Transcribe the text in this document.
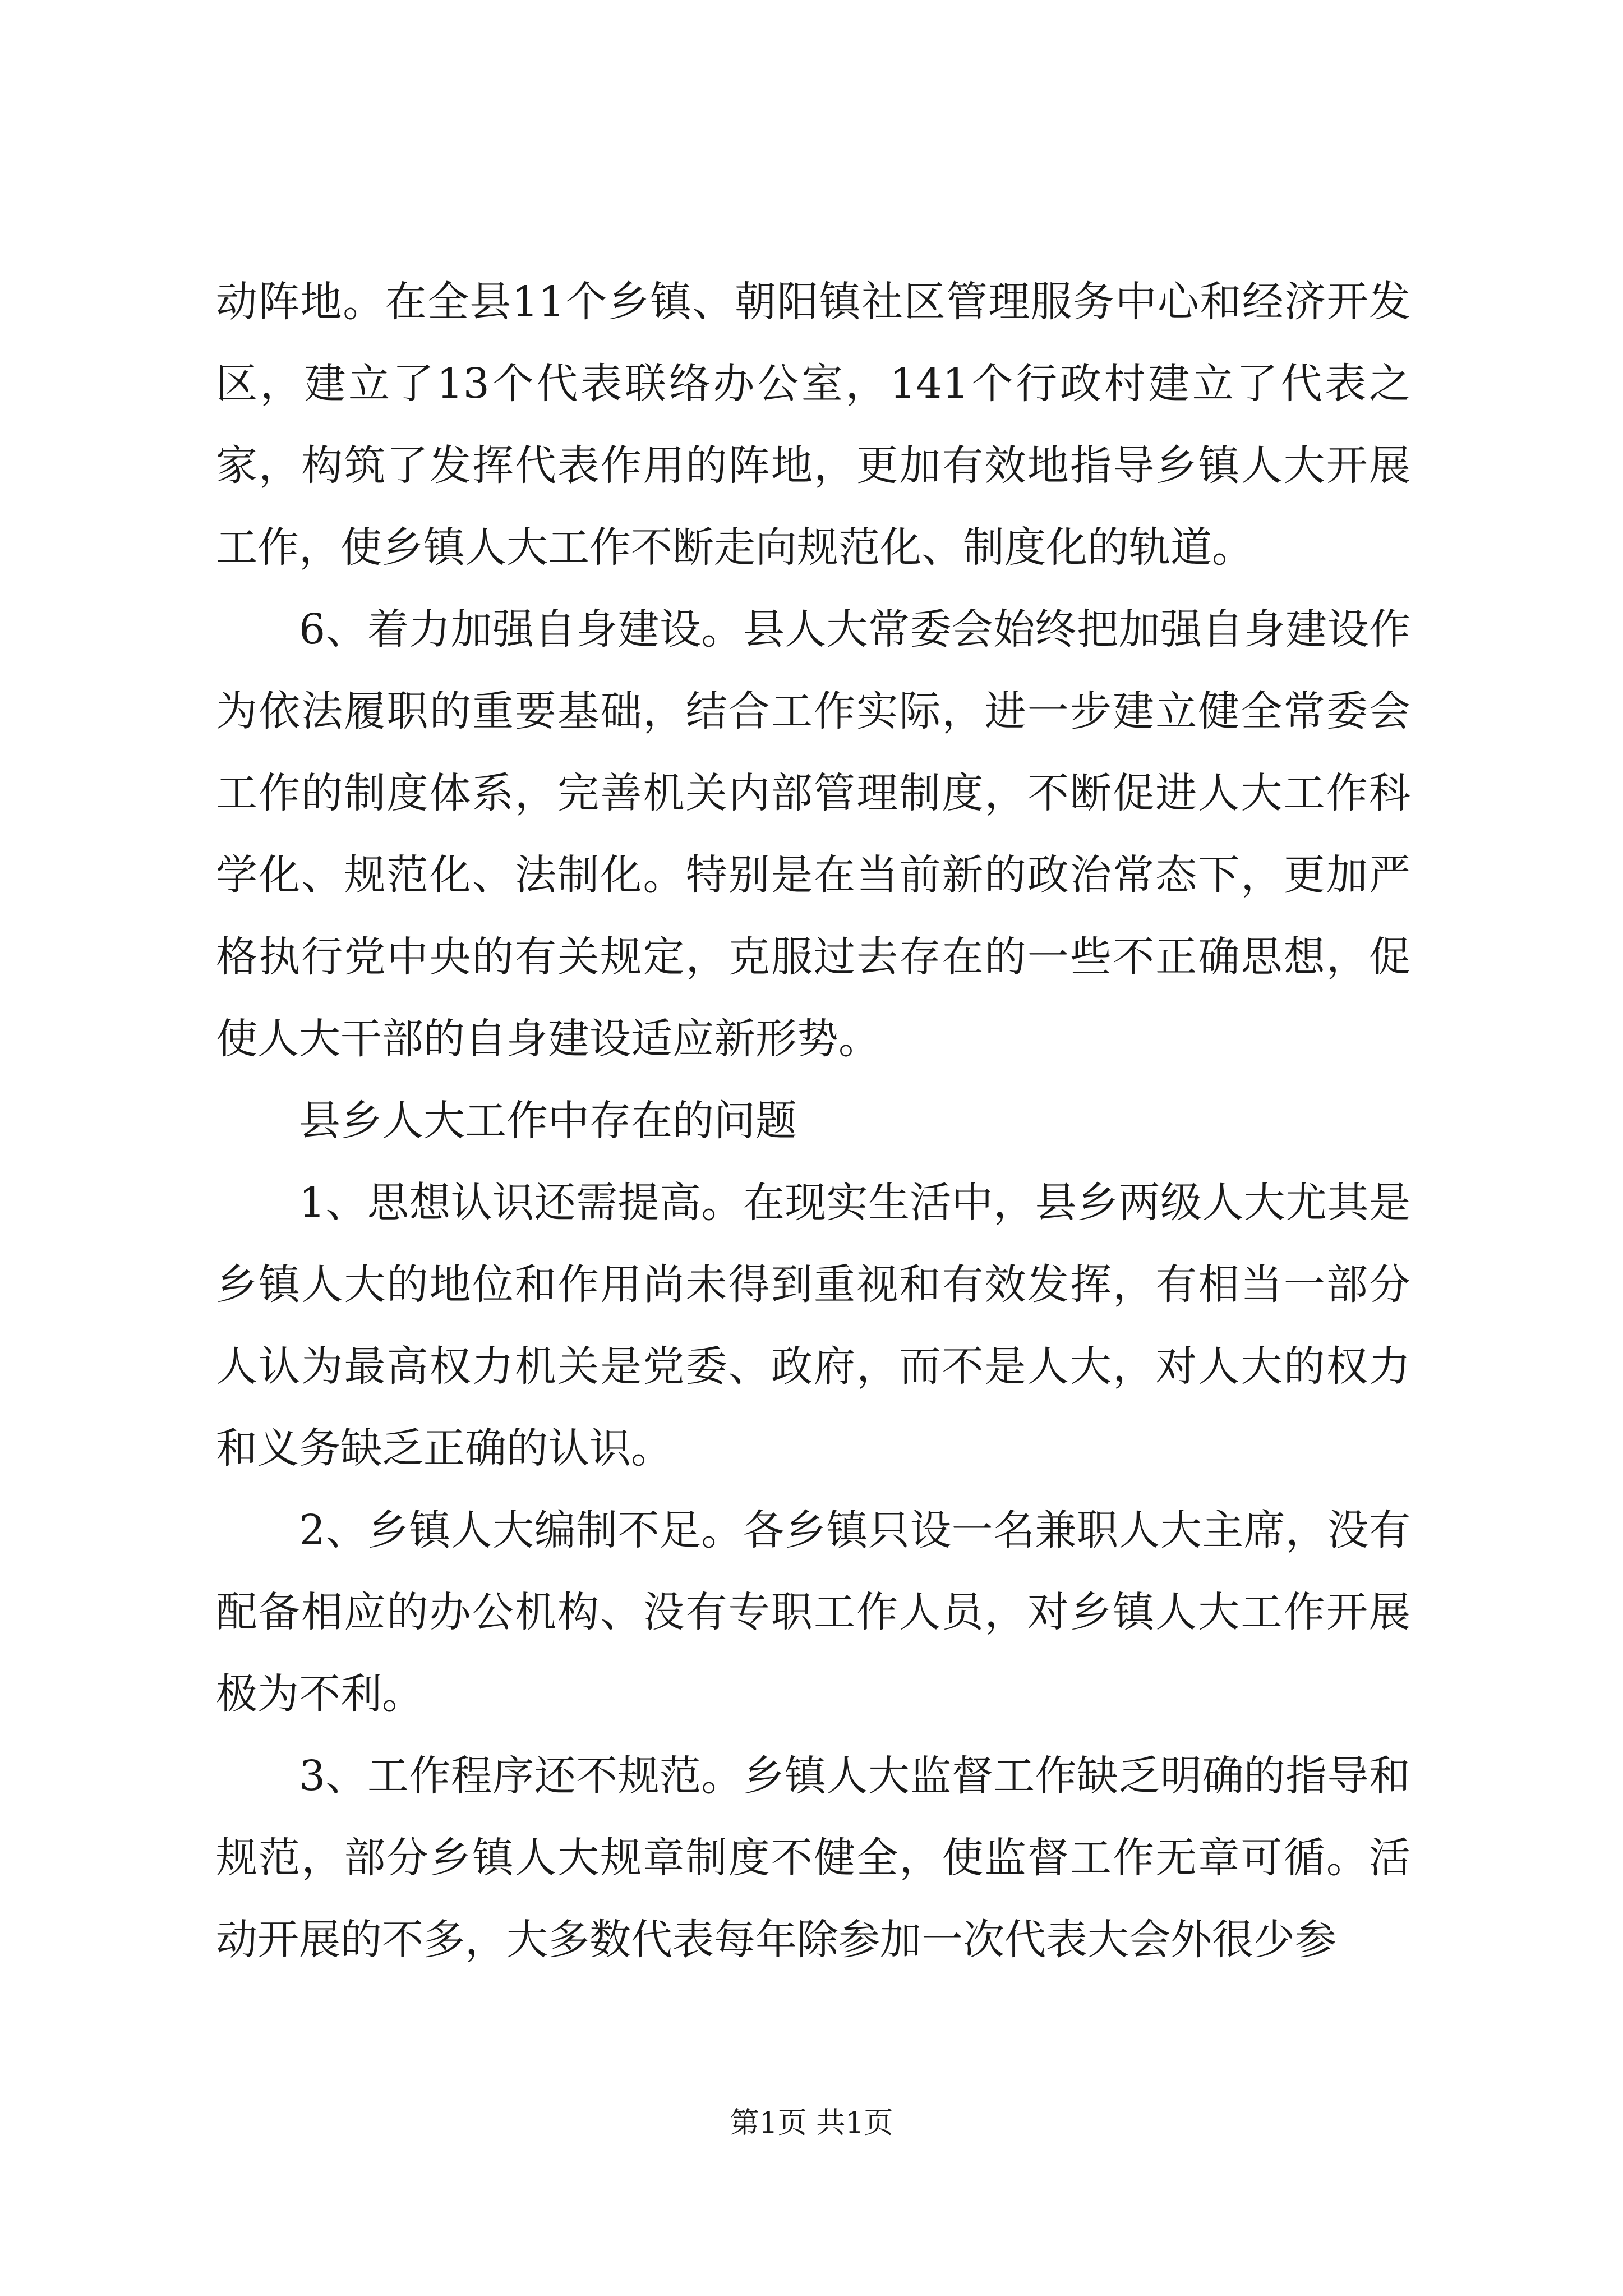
动阵地。在全县11个乡镇、朝阳镇社区管理服务中心和经济开发区，建立了13个代表联络办公室，141个行政村建立了代表之家，构筑了发挥代表作用的阵地，更加有效地指导乡镇人大开展工作，使乡镇人大工作不断走向规范化、制度化的轨道。

6、着力加强自身建设。县人大常委会始终把加强自身建设作为依法履职的重要基础，结合工作实际，进一步建立健全常委会工作的制度体系，完善机关内部管理制度，不断促进人大工作科学化、规范化、法制化。特别是在当前新的政治常态下，更加严格执行党中央的有关规定，克服过去存在的一些不正确思想，促使人大干部的自身建设适应新形势。

县乡人大工作中存在的问题

1、思想认识还需提高。在现实生活中，县乡两级人大尤其是乡镇人大的地位和作用尚未得到重视和有效发挥，有相当一部分人认为最高权力机关是党委、政府，而不是人大，对人大的权力和义务缺乏正确的认识。

2、乡镇人大编制不足。各乡镇只设一名兼职人大主席，没有配备相应的办公机构、没有专职工作人员，对乡镇人大工作开展极为不利。

3、工作程序还不规范。乡镇人大监督工作缺乏明确的指导和规范，部分乡镇人大规章制度不健全，使监督工作无章可循。活动开展的不多，大多数代表每年除参加一次代表大会外很少参

第1页 共1页
